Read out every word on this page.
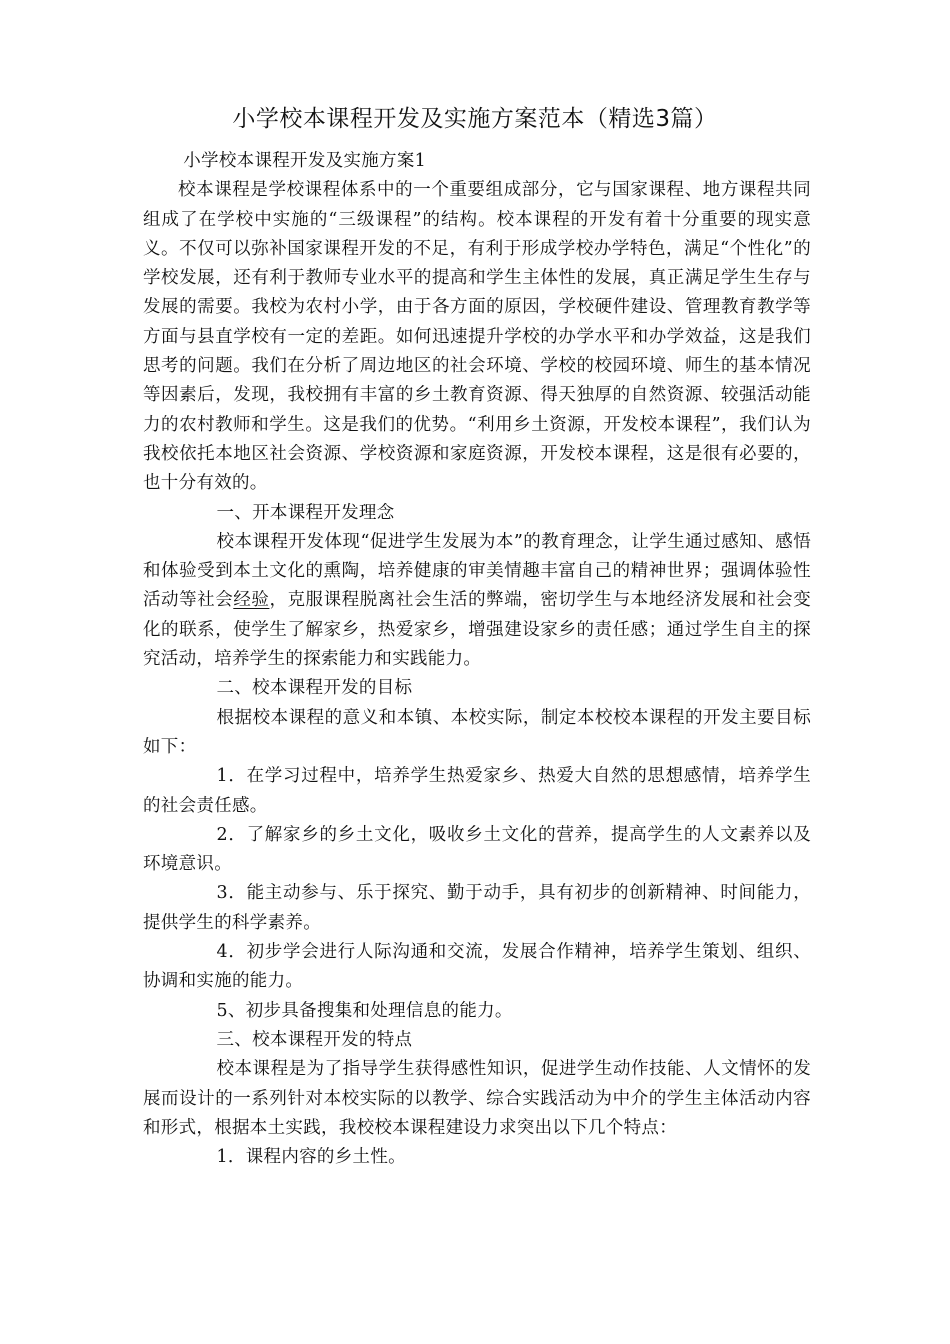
小学校本课程开发及实施方案范本（精选3篇）

小学校本课程开发及实施方案1

校本课程是学校课程体系中的一个重要组成部分，它与国家课程、地方课程共同组成了在学校中实施的“三级课程”的结构。校本课程的开发有着十分重要的现实意义。不仅可以弥补国家课程开发的不足，有利于形成学校办学特色，满足“个性化”的学校发展，还有利于教师专业水平的提高和学生主体性的发展，真正满足学生生存与发展的需要。我校为农村小学，由于各方面的原因，学校硬件建设、管理教育教学等方面与县直学校有一定的差距。如何迅速提升学校的办学水平和办学效益，这是我们思考的问题。我们在分析了周边地区的社会环境、学校的校园环境、师生的基本情况等因素后，发现，我校拥有丰富的乡土教育资源、得天独厚的自然资源、较强活动能力的农村教师和学生。这是我们的优势。“利用乡土资源，开发校本课程”，我们认为我校依托本地区社会资源、学校资源和家庭资源，开发校本课程，这是很有必要的，也十分有效的。

一、开本课程开发理念

校本课程开发体现“促进学生发展为本”的教育理念，让学生通过感知、感悟和体验受到本土文化的熏陶，培养健康的审美情趣丰富自己的精神世界；强调体验性活动等社会经验，克服课程脱离社会生活的弊端，密切学生与本地经济发展和社会变化的联系，使学生了解家乡，热爱家乡，增强建设家乡的责任感；通过学生自主的探究活动，培养学生的探索能力和实践能力。

二、校本课程开发的目标

根据校本课程的意义和本镇、本校实际，制定本校校本课程的开发主要目标如下：

1．在学习过程中，培养学生热爱家乡、热爱大自然的思想感情，培养学生的社会责任感。

2．了解家乡的乡土文化，吸收乡土文化的营养，提高学生的人文素养以及环境意识。

3．能主动参与、乐于探究、勤于动手，具有初步的创新精神、时间能力，提供学生的科学素养。

4．初步学会进行人际沟通和交流，发展合作精神，培养学生策划、组织、协调和实施的能力。

5、初步具备搜集和处理信息的能力。

三、校本课程开发的特点

校本课程是为了指导学生获得感性知识，促进学生动作技能、人文情怀的发展而设计的一系列针对本校实际的以教学、综合实践活动为中介的学生主体活动内容和形式，根据本土实践，我校校本课程建设力求突出以下几个特点：

1．课程内容的乡土性。
